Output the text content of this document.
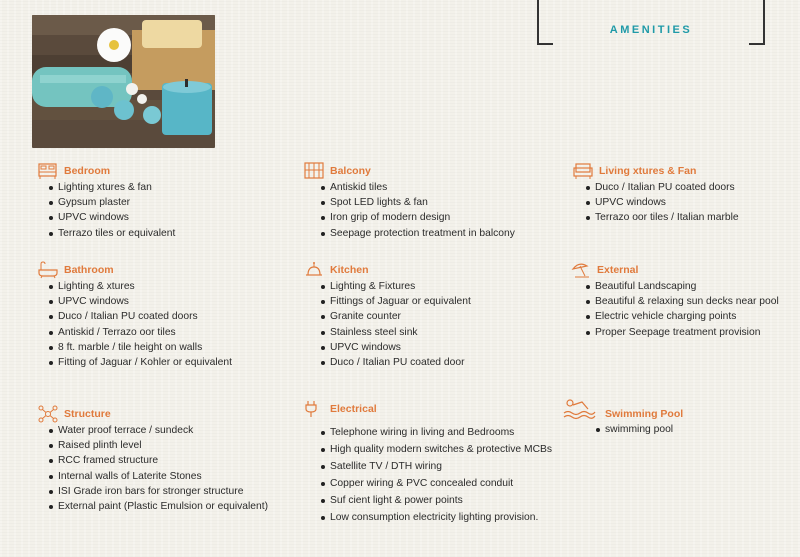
AMENITIES
Bedroom
Lighting xtures & fan
Gypsum plaster
UPVC windows
Terrazo tiles or equivalent
Balcony
Antiskid tiles
Spot LED lights & fan
Iron grip of modern design
Seepage protection treatment in balcony
Living xtures & Fan
Duco / Italian PU coated doors
UPVC windows
Terrazo oor tiles / Italian marble
Bathroom
Lighting & xtures
UPVC windows
Duco / Italian PU coated doors
Antiskid / Terrazo oor tiles
8 ft. marble / tile height on walls
Fitting of Jaguar / Kohler or equivalent
Kitchen
Lighting & Fixtures
Fittings of Jaguar or equivalent
Granite counter
Stainless steel sink
UPVC windows
Duco / Italian PU coated door
External
Beautiful Landscaping
Beautiful & relaxing sun decks near pool
Electric vehicle charging points
Proper Seepage treatment provision
Structure
Water proof terrace / sundeck
Raised plinth level
RCC framed structure
Internal walls of Laterite Stones
ISI Grade iron bars for stronger structure
External paint (Plastic Emulsion or equivalent)
Electrical
Telephone wiring in living and Bedrooms
High quality modern switches & protective MCBs
Satellite TV / DTH wiring
Copper wiring & PVC concealed conduit
Suf cient light & power points
Low consumption electricity lighting provision.
Swimming Pool
swimming pool
